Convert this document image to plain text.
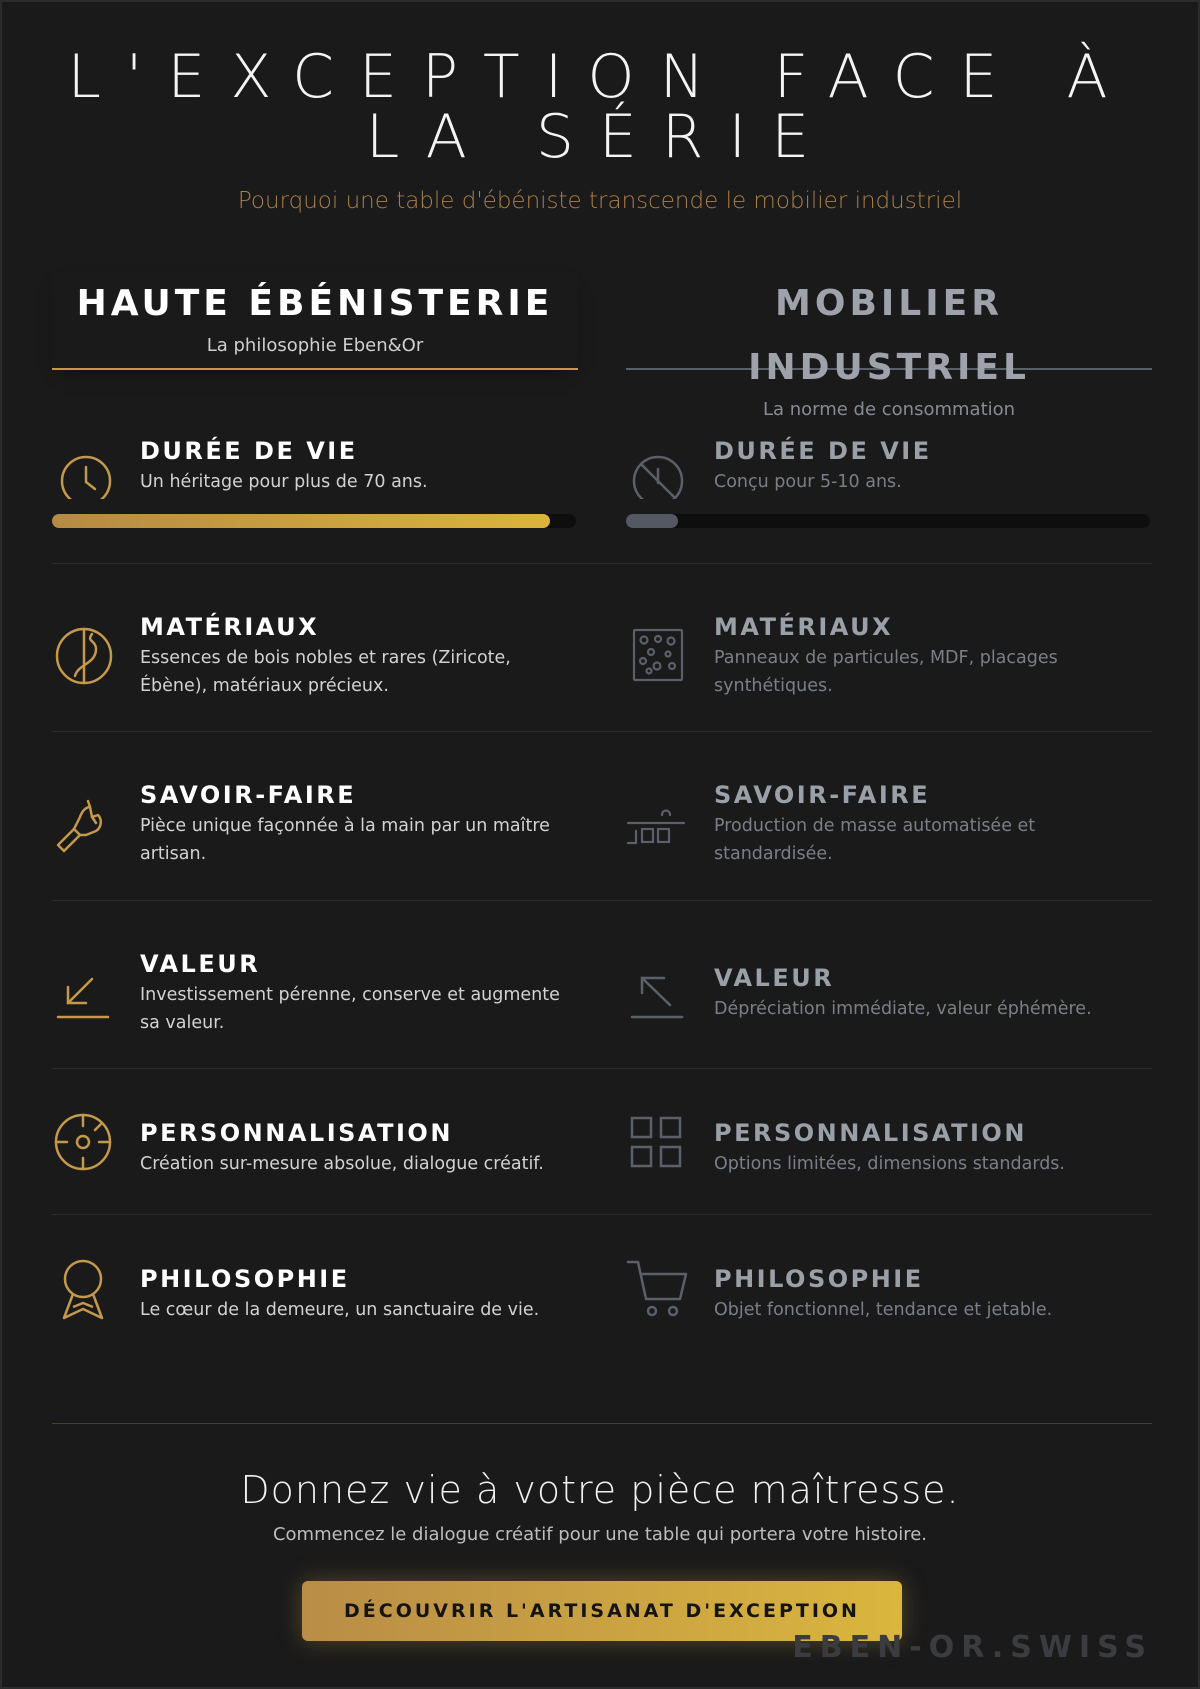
L'EXCEPTION FACE À LA SÉRIE

Pourquoi une table d'ébéniste transcende le mobilier industriel

HAUTE ÉBÉNISTERIE

La philosophie Eben&Or

MOBILIER INDUSTRIEL

La norme de consommation

DURÉE DE VIE

Un héritage pour plus de 70 ans.

DURÉE DE VIE

Conçu pour 5-10 ans.

MATÉRIAUX

Essences de bois nobles et rares (Ziricote, Ébène), matériaux précieux.

MATÉRIAUX

Panneaux de particules, MDF, placages synthétiques.

SAVOIR-FAIRE

Pièce unique façonnée à la main par un maître artisan.

SAVOIR-FAIRE

Production de masse automatisée et standardisée.

VALEUR

Investissement pérenne, conserve et augmente sa valeur.

VALEUR

Dépréciation immédiate, valeur éphémère.

PERSONNALISATION

Création sur-mesure absolue, dialogue créatif.

PERSONNALISATION

Options limitées, dimensions standards.

PHILOSOPHIE

Le cœur de la demeure, un sanctuaire de vie.

PHILOSOPHIE

Objet fonctionnel, tendance et jetable.

Donnez vie à votre pièce maîtresse.

Commencez le dialogue créatif pour une table qui portera votre histoire.

DÉCOUVRIR L'ARTISANAT D'EXCEPTION
EBEN-OR.SWISS
